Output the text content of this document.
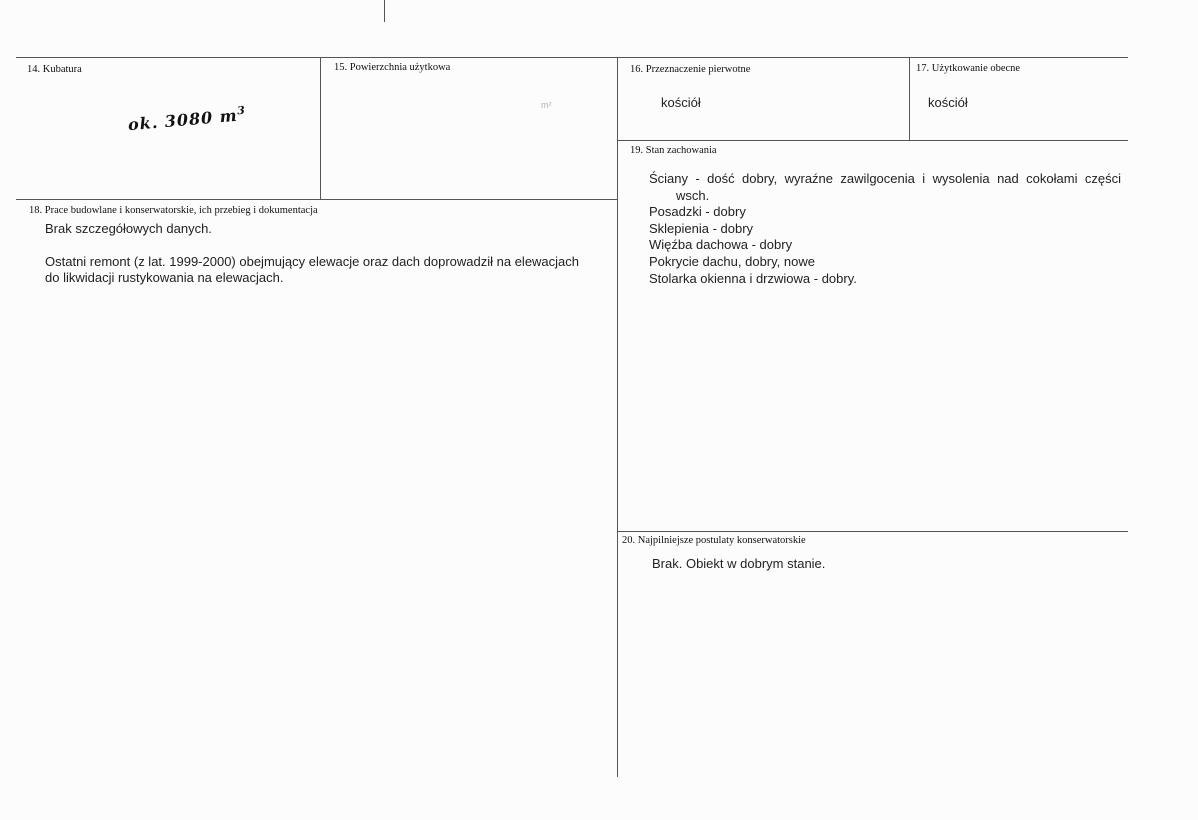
14. Kubatura
ok. 3080 $m^3$
15. Powierzchnia użytkowa
m²
16. Przeznaczenie pierwotne
kościół
17. Użytkowanie obecne
kościół
18. Prace budowlane i konserwatorskie, ich przebieg i dokumentacja

Brak szczegółowych danych.

Ostatni remont (z lat. 1999-2000) obejmujący elewacje oraz dach doprowadził na elewacjach

do likwidacji rustykowania na elewacjach.

19. Stan zachowania

Ściany - dość dobry, wyraźne zawilgocenia i wysolenia nad cokołami części

wsch.

Posadzki - dobry

Sklepienia - dobry

Więźba dachowa - dobry

Pokrycie dachu, dobry, nowe

Stolarka okienna i drzwiowa - dobry.

20. Najpilniejsze postulaty konserwatorskie
Brak. Obiekt w dobrym stanie.
